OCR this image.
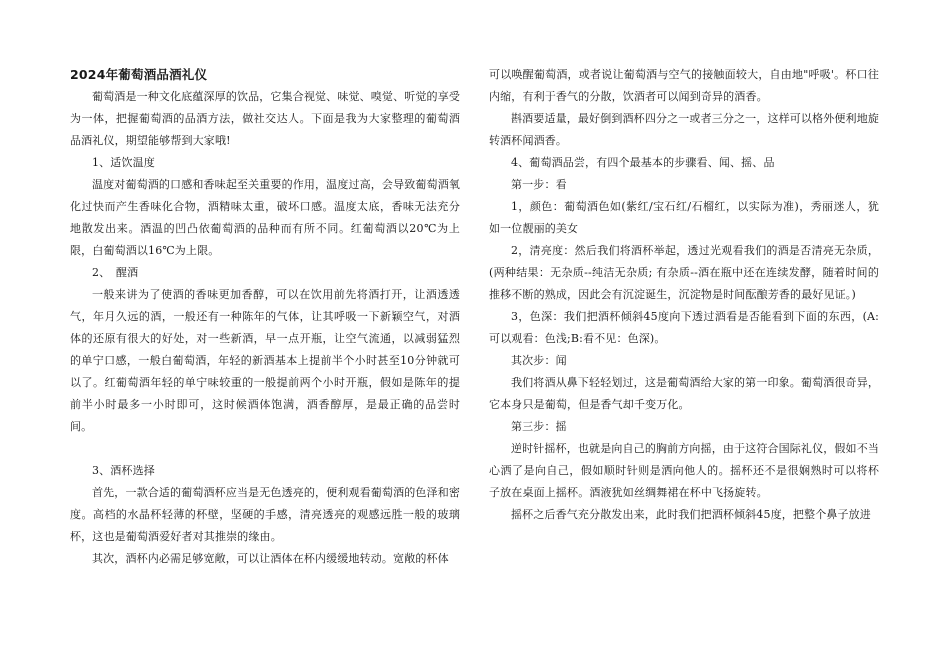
2024年葡萄酒品酒礼仪

葡萄酒是一种文化底蕴深厚的饮品，它集合视觉、味觉、嗅觉、听觉的享受为一体，把握葡萄酒的品酒方法，做社交达人。下面是我为大家整理的葡萄酒品酒礼仪，期望能够帮到大家哦!

1、适饮温度

温度对葡萄酒的口感和香味起至关重要的作用，温度过高，会导致葡萄酒氧化过快而产生香味化合物，酒精味太重，破坏口感。温度太底，香味无法充分地散发出来。酒温的凹凸依葡萄酒的品种而有所不同。红葡萄酒以20℃为上限，白葡萄酒以16℃为上限。

2、　醒酒

一般来讲为了使酒的香味更加香醇，可以在饮用前先将酒打开，让酒透透气，年月久远的酒，一般还有一种陈年的气体，让其呼吸一下新颖空气，对酒体的还原有很大的好处，对一些新酒，早一点开瓶，让空气流通，以减弱猛烈的单宁口感，一般白葡萄酒，年轻的新酒基本上提前半个小时甚至10分钟就可以了。红葡萄酒年轻的单宁味较重的一般提前两个小时开瓶，假如是陈年的提前半小时最多一小时即可，这时候酒体饱满，酒香醇厚，是最正确的品尝时间。

3、酒杯选择

首先，一款合适的葡萄酒杯应当是无色透亮的，便利观看葡萄酒的色泽和密度。高档的水晶杯轻薄的杯壁，坚硬的手感，清亮透亮的观感远胜一般的玻璃杯，这也是葡萄酒爱好者对其推崇的缘由。

其次，酒杯内必需足够宽敞，可以让酒体在杯内缓缓地转动。宽敞的杯体

可以唤醒葡萄酒，或者说让葡萄酒与空气的接触面较大，自由地"呼吸'。杯口往内缩，有利于香气的分散，饮酒者可以闻到奇异的酒香。

斟酒要适量，最好倒到酒杯四分之一或者三分之一，这样可以格外便利地旋转酒杯闻酒香。

4、葡萄酒品尝，有四个最基本的步骤看、闻、摇、品

第一步：看

1，颜色：葡萄酒色如(紫红/宝石红/石榴红，以实际为准)，秀丽迷人，犹如一位靓丽的美女

2，清亮度：然后我们将酒杯举起，透过光观看我们的酒是否清亮无杂质，(两种结果：无杂质--纯洁无杂质; 有杂质--酒在瓶中还在连续发酵，随着时间的推移不断的熟成，因此会有沉淀诞生，沉淀物是时间酝酿芳香的最好见证。)

3，色深：我们把酒杯倾斜45度向下透过酒看是否能看到下面的东西，(A:可以观看：色浅;B:看不见：色深)。

其次步：闻

我们将酒从鼻下轻轻划过，这是葡萄酒给大家的第一印象。葡萄酒很奇异，它本身只是葡萄，但是香气却千变万化。

第三步：摇

逆时针摇杯，也就是向自己的胸前方向摇，由于这符合国际礼仪，假如不当心洒了是向自己，假如顺时针则是洒向他人的。摇杯还不是很娴熟时可以将杯子放在桌面上摇杯。酒液犹如丝绸舞裙在杯中飞扬旋转。

摇杯之后香气充分散发出来，此时我们把酒杯倾斜45度，把整个鼻子放进
